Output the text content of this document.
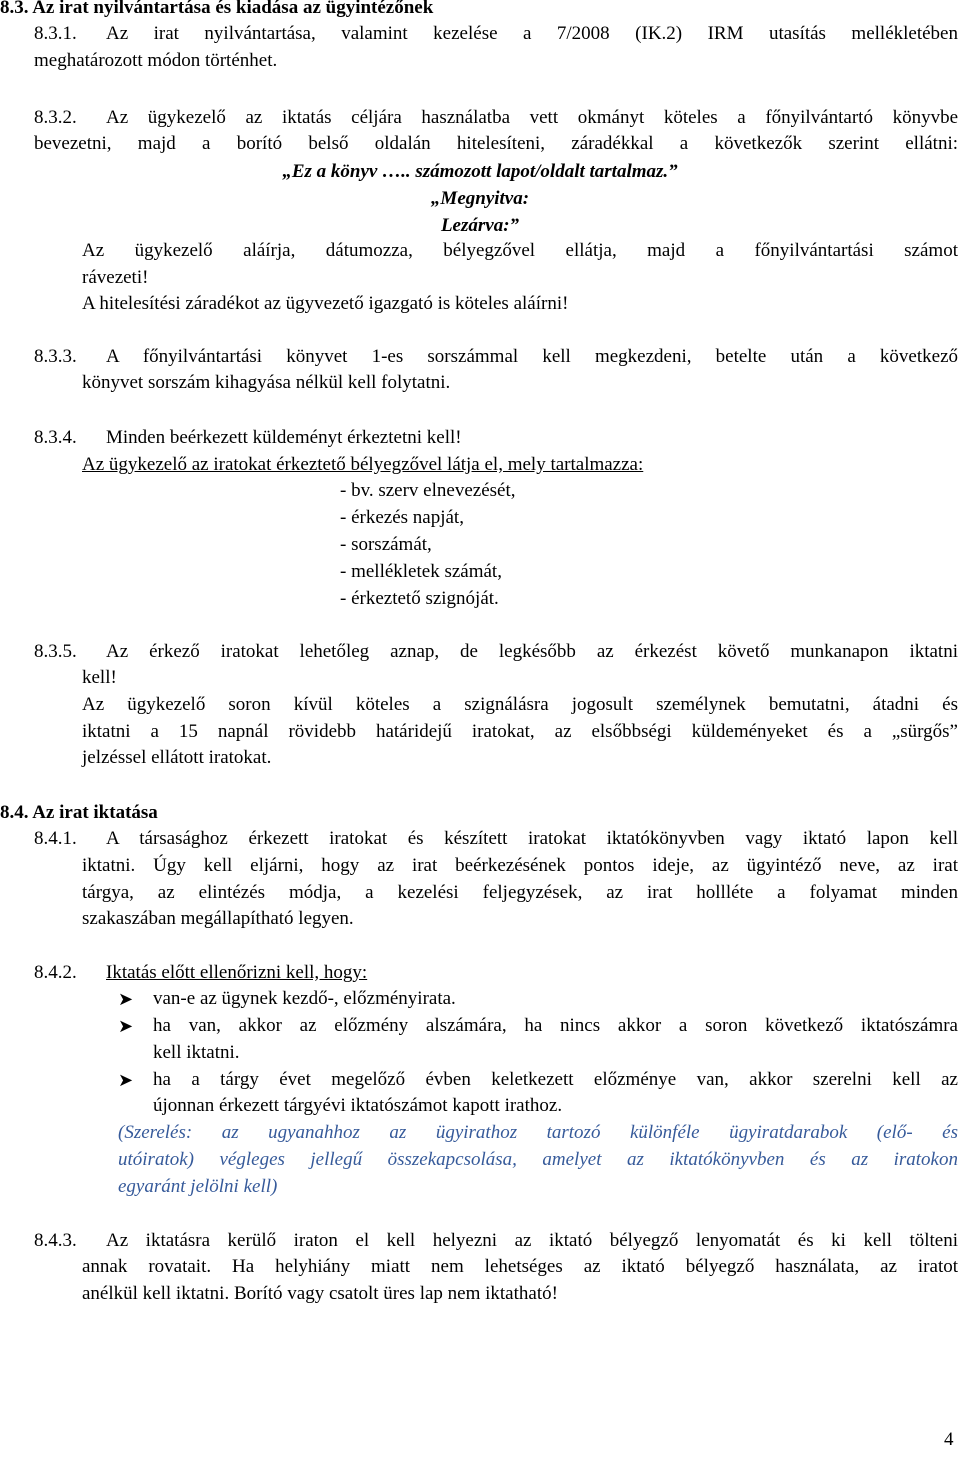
8.3. Az irat nyilvántartása és kiadása az ügyintézőnek
8.3.1. Az irat nyilvántartása, valamint kezelése a 7/2008 (IK.2) IRM utasítás mellékletében
meghatározott módon történhet.
8.3.2. Az ügykezelő az iktatás céljára használatba vett okmányt köteles a főnyilvántartó könyvbe
bevezetni, majd a borító belső oldalán hitelesíteni, záradékkal a következők szerint ellátni:
„Ez a könyv ….. számozott lapot/oldalt tartalmaz.”
„Megnyitva:
Lezárva:”
Az ügykezelő aláírja, dátumozza, bélyegzővel ellátja, majd a főnyilvántartási számot
rávezeti!
A hitelesítési záradékot az ügyvezető igazgató is köteles aláírni!
8.3.3. A főnyilvántartási könyvet 1-es sorszámmal kell megkezdeni, betelte után a következő
könyvet sorszám kihagyása nélkül kell folytatni.
8.3.4. Minden beérkezett küldeményt érkeztetni kell!
Az ügykezelő az iratokat érkeztető bélyegzővel látja el, mely tartalmazza:
- bv. szerv elnevezését,
- érkezés napját,
- sorszámát,
- mellékletek számát,
- érkeztető szignóját.
8.3.5. Az érkező iratokat lehetőleg aznap, de legkésőbb az érkezést követő munkanapon iktatni
kell!
Az ügykezelő soron kívül köteles a szignálásra jogosult személynek bemutatni, átadni és
iktatni a 15 napnál rövidebb határidejű iratokat, az elsőbbségi küldeményeket és a „sürgős”
jelzéssel ellátott iratokat.
8.4. Az irat iktatása
8.4.1. A társasághoz érkezett iratokat és készített iratokat iktatókönyvben vagy iktató lapon kell
iktatni. Úgy kell eljárni, hogy az irat beérkezésének pontos ideje, az ügyintéző neve, az irat
tárgya, az elintézés módja, a kezelési feljegyzések, az irat hollléte a folyamat minden
szakaszában megállapítható legyen.
8.4.2. Iktatás előtt ellenőrizni kell, hogy:
➤ van-e az ügynek kezdő-, előzményirata.
➤ ha van, akkor az előzmény alszámára, ha nincs akkor a soron következő iktatószámra
kell iktatni.
➤ ha a tárgy évet megelőző évben keletkezett előzménye van, akkor szerelni kell az
újonnan érkezett tárgyévi iktatószámot kapott irathoz.
(Szerelés: az ugyanahhoz az ügyirathoz tartozó különféle ügyiratdarabok (elő- és
utóiratok) végleges jellegű összekapcsolása, amelyet az iktatókönyvben és az iratokon
egyaránt jelölni kell)
8.4.3. Az iktatásra kerülő iraton el kell helyezni az iktató bélyegző lenyomatát és ki kell tölteni
annak rovatait. Ha helyhiány miatt nem lehetséges az iktató bélyegző használata, az iratot
anélkül kell iktatni. Borító vagy csatolt üres lap nem iktatható!
4
